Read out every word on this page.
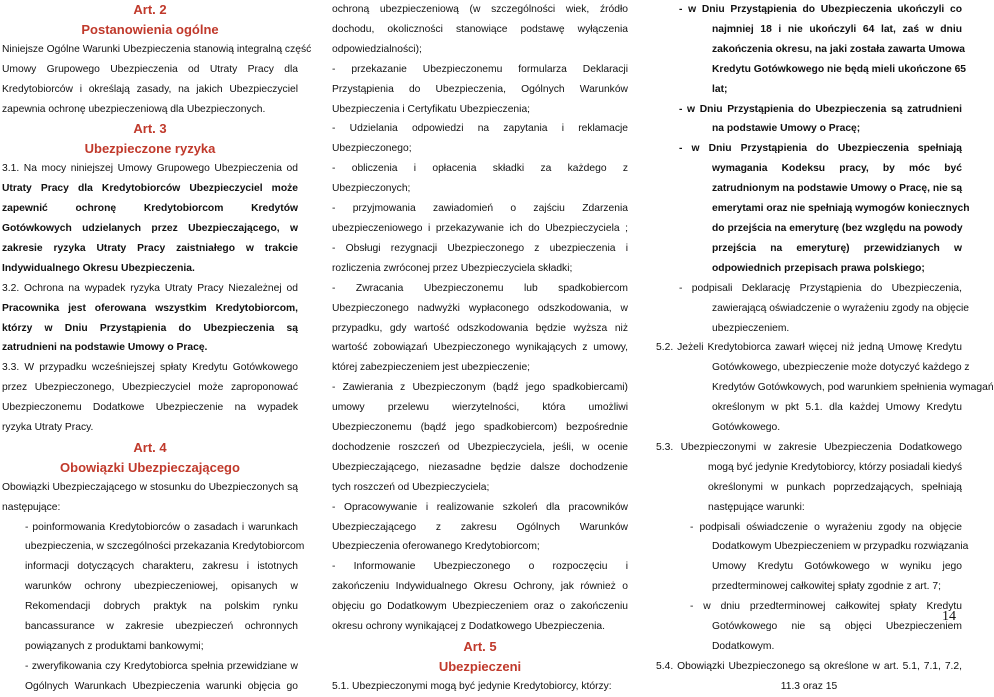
Art. 2
Postanowienia ogólne
Niniejsze Ogólne Warunki Ubezpieczenia stanowią integralną część
Umowy Grupowego Ubezpieczenia od Utraty Pracy dla
Kredytobiorców i określają zasady, na jakich Ubezpieczyciel
zapewnia ochronę ubezpieczeniową dla Ubezpieczonych.
Art. 3
Ubezpieczone ryzyka
3.1. Na mocy niniejszej Umowy Grupowego Ubezpieczenia od
Utraty Pracy dla Kredytobiorców Ubezpieczyciel może
zapewnić ochronę Kredytobiorcom Kredytów
Gotówkowych udzielanych przez Ubezpieczającego, w
zakresie ryzyka Utraty Pracy zaistniałego w trakcie
Indywidualnego Okresu Ubezpieczenia.
3.2. Ochrona na wypadek ryzyka Utraty Pracy Niezależnej od
Pracownika jest oferowana wszystkim Kredytobiorcom,
którzy w Dniu Przystąpienia do Ubezpieczenia są
zatrudnieni na podstawie Umowy o Pracę.
3.3. W przypadku wcześniejszej spłaty Kredytu Gotówkowego
przez Ubezpieczonego, Ubezpieczyciel może zaproponować
Ubezpieczonemu Dodatkowe Ubezpieczenie na wypadek
ryzyka Utraty Pracy.
Art. 4
Obowiązki Ubezpieczającego
Obowiązki Ubezpieczającego w stosunku do Ubezpieczonych są
następujące:
- poinformowania Kredytobiorców o zasadach i warunkach
ubezpieczenia, w szczególności przekazania Kredytobiorcom
informacji dotyczących charakteru, zakresu i istotnych
warunków ochrony ubezpieczeniowej, opisanych w
Rekomendacji dobrych praktyk na polskim rynku
bancassurance w zakresie ubezpieczeń ochronnych
powiązanych z produktami bankowymi;
- zweryfikowania czy Kredytobiorca spełnia przewidziane w
Ogólnych Warunkach Ubezpieczenia warunki objęcia go
ochroną ubezpieczeniową (w szczególności wiek, źródło
dochodu, okoliczności stanowiące podstawę wyłączenia
odpowiedzialności);
- przekazanie Ubezpieczonemu formularza Deklaracji
Przystąpienia do Ubezpieczenia, Ogólnych Warunków
Ubezpieczenia i Certyfikatu Ubezpieczenia;
- Udzielania odpowiedzi na zapytania i reklamacje
Ubezpieczonego;
- obliczenia i opłacenia składki za każdego z
Ubezpieczonych;
- przyjmowania zawiadomień o zajściu Zdarzenia
ubezpieczeniowego i przekazywanie ich do Ubezpieczyciela ;
- Obsługi rezygnacji Ubezpieczonego z ubezpieczenia i
rozliczenia zwróconej przez Ubezpieczyciela składki;
- Zwracania Ubezpieczonemu lub spadkobiercom
Ubezpieczonego nadwyżki wypłaconego odszkodowania, w
przypadku, gdy wartość odszkodowania będzie wyższa niż
wartość zobowiązań Ubezpieczonego wynikających z umowy,
której zabezpieczeniem jest ubezpieczenie;
- Zawierania z Ubezpieczonym (bądź jego spadkobiercami)
umowy przelewu wierzytelności, która umożliwi
Ubezpieczonemu (bądź jego spadkobiercom) bezpośrednie
dochodzenie roszczeń od Ubezpieczyciela, jeśli, w ocenie
Ubezpieczającego, niezasadne będzie dalsze dochodzenie
tych roszczeń od Ubezpieczyciela;
- Opracowywanie i realizowanie szkoleń dla pracowników
Ubezpieczającego z zakresu Ogólnych Warunków
Ubezpieczenia oferowanego Kredytobiorcom;
- Informowanie Ubezpieczonego o rozpoczęciu i
zakończeniu Indywidualnego Okresu Ochrony, jak również o
objęciu go Dodatkowym Ubezpieczeniem oraz o zakończeniu
okresu ochrony wynikającej z Dodatkowego Ubezpieczenia.
Art. 5
Ubezpieczeni
5.1. Ubezpieczonymi mogą być jedynie Kredytobiorcy, którzy:
- w Dniu Przystąpienia do Ubezpieczenia ukończyli co
najmniej 18 i nie ukończyli 64 lat, zaś w dniu
zakończenia okresu, na jaki została zawarta Umowa
Kredytu Gotówkowego nie będą mieli ukończone 65
lat;
- w Dniu Przystąpienia do Ubezpieczenia są zatrudnieni
na podstawie Umowy o Pracę;
- w Dniu Przystąpienia do Ubezpieczenia spełniają
wymagania Kodeksu pracy, by móc być
zatrudnionym na podstawie Umowy o Pracę, nie są
emerytami oraz nie spełniają wymogów koniecznych
do przejścia na emeryturę (bez względu na powody
przejścia na emeryturę) przewidzianych w
odpowiednich przepisach prawa polskiego;
- podpisali Deklarację Przystąpienia do Ubezpieczenia,
zawierającą oświadczenie o wyrażeniu zgody na objęcie
ubezpieczeniem.
5.2. Jeżeli Kredytobiorca zawarł więcej niż jedną Umowę Kredytu
Gotówkowego, ubezpieczenie może dotyczyć każdego z
Kredytów Gotówkowych, pod warunkiem spełnienia wymagań
określonym w pkt 5.1. dla każdej Umowy Kredytu
Gotówkowego.
5.3. Ubezpieczonymi w zakresie Ubezpieczenia Dodatkowego
mogą być jedynie Kredytobiorcy, którzy posiadali kiedyś
określonymi w punkach poprzedzających, spełniają
następujące warunki:
- podpisali oświadczenie o wyrażeniu zgody na objęcie
Dodatkowym Ubezpieczeniem w przypadku rozwiązania
Umowy Kredytu Gotówkowego w wyniku jego
przedterminowej całkowitej spłaty zgodnie z art. 7;
- w dniu przedterminowej całkowitej spłaty Kredytu
Gotówkowego nie są objęci Ubezpieczeniem
Dodatkowym.
5.4. Obowiązki Ubezpieczonego są określone w art. 5.1, 7.1, 7.2,
11.3 oraz 15
14
